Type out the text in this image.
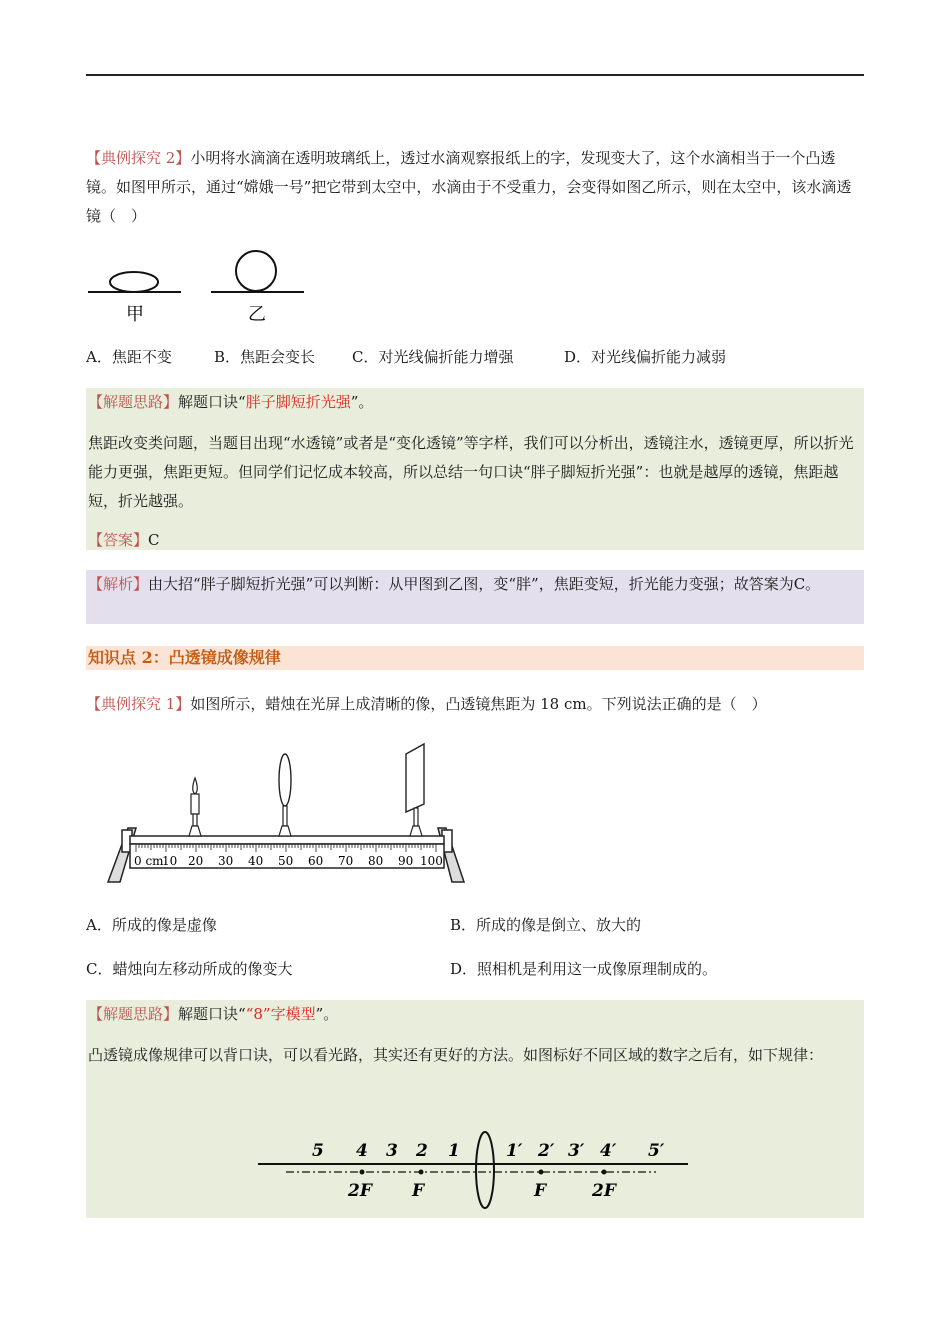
【典例探究 2】小明将水滴滴在透明玻璃纸上，透过水滴观察报纸上的字，发现变大了，这个水滴相当于一个凸透镜。如图甲所示，通过“嫦娥一号”把它带到太空中，水滴由于不受重力，会变得如图乙所示，则在太空中，该水滴透镜（　）

甲	乙
A．焦距不变	B．焦距会变长	C．对光线偏折能力增强	D．对光线偏折能力减弱

【解题思路】解题口诀“胖子脚短折光强”。

焦距改变类问题，当题目出现“水透镜”或者是“变化透镜”等字样，我们可以分析出，透镜注水，透镜更厚，所以折光能力更强，焦距更短。但同学们记忆成本较高，所以总结一句口诀“胖子脚短折光强”：也就是越厚的透镜，焦距越短，折光越强。

【答案】C

【解析】由大招“胖子脚短折光强”可以判断：从甲图到乙图，变“胖”，焦距变短，折光能力变强；故答案为C。

知识点 2：凸透镜成像规律

【典例探究 1】如图所示，蜡烛在光屏上成清晰的像，凸透镜焦距为 18 cm。下列说法正确的是（　）

0 cm
10 20 30 40 50 60 70 80 90 100
A．所成的像是虚像	B．所成的像是倒立、放大的
C．蜡烛向左移动所成的像变大	D．照相机是利用这一成像原理制成的。

【解题思路】解题口诀““8”字模型”。

凸透镜成像规律可以背口诀，可以看光路，其实还有更好的方法。如图标好不同区域的数字之后有，如下规律：

5 4 3 2 1	1′ 2′ 3′ 4′ 5′
2F F	F	2F
